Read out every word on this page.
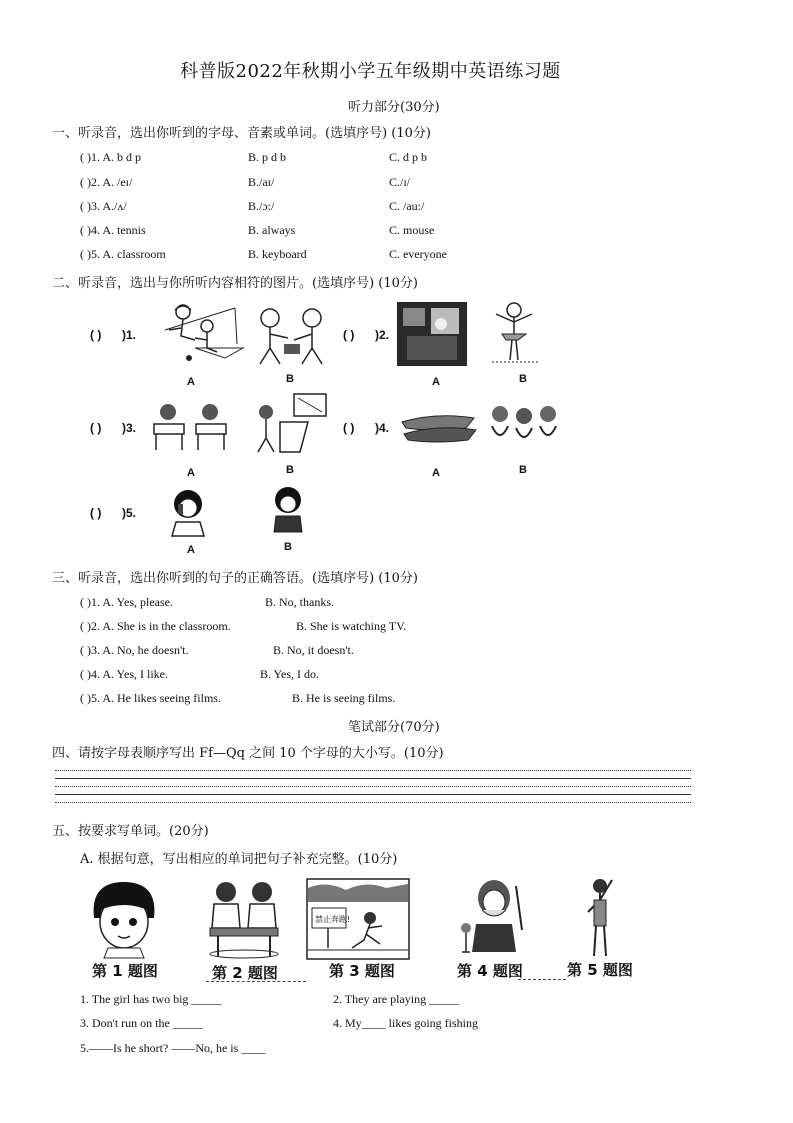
科普版2022年秋期小学五年级期中英语练习题
听力部分(30分)
一、听录音，选出你听到的字母、音素或单词。(选填序号) (10分)
( )1. A. b d p	B. p d b	C. d p b
( )2. A. /eɪ/	B./aɪ/	C./ɪ/
( )3. A./ʌ/	B./ɔ:/	C. /au:/
( )4. A. tennis	B. always	C. mouse
( )5. A. classroom	B. keyboard	C. everyone
二、听录音，选出与你所听内容相符的图片。(选填序号) (10分)
( ) )1.
A	B
( ) )2.
A	B
( ) )3.
A	B
( ) )4.
A	B
( ) )5.
A	B
三、听录音，选出你听到的句子的正确答语。(选填序号) (10分)
( )1. A. Yes, please.	B. No, thanks.
( )2. A. She is in the classroom.	B. She is watching TV.
( )3. A. No, he doesn't.	B. No, it doesn't.
( )4. A. Yes, I like.	B. Yes, I do.
( )5. A. He likes seeing films.	B. He is seeing films.
笔试部分(70分)
四、请按字母表顺序写出 Ff—Qq 之间 10 个字母的大小写。(10分)
五、按要求写单词。(20分)
A. 根据句意，写出相应的单词把句子补充完整。(10分)
第 1 题图	第 2 题图
禁止奔跑!
第 3 题图	第 4 题图	第 5 题图
1. The girl has two big _____	2. They are playing _____
3. Don't run on the _____	4. My____ likes going fishing
5.——Is he short? ——No, he is ____
